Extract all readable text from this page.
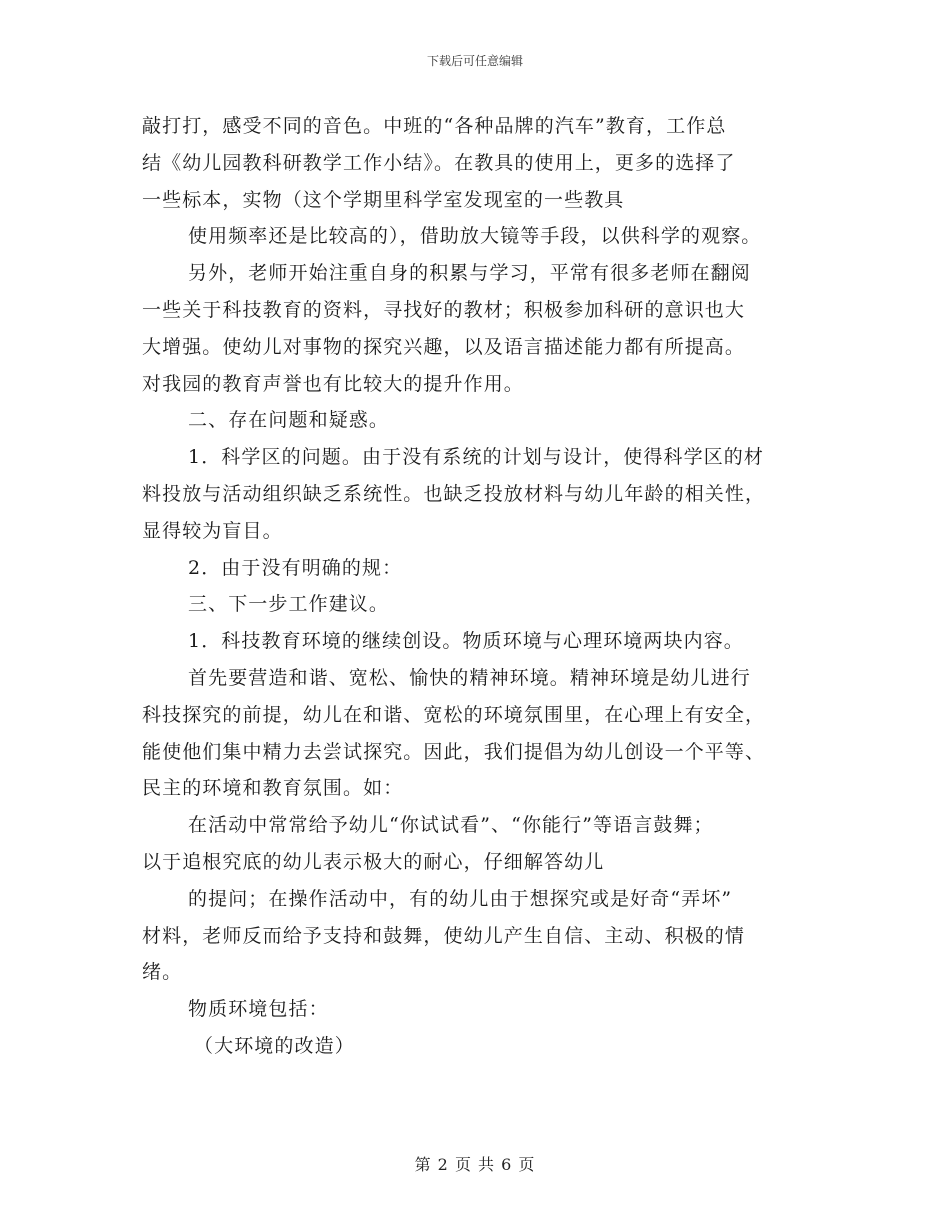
下载后可任意编辑
敲打打，感受不同的音色。中班的“各种品牌的汽车”教育，工作总
结《幼儿园教科研教学工作小结》。在教具的使用上，更多的选择了
一些标本，实物（这个学期里科学室发现室的一些教具
使用频率还是比较高的），借助放大镜等手段，以供科学的观察。
另外，老师开始注重自身的积累与学习，平常有很多老师在翻阅
一些关于科技教育的资料，寻找好的教材；积极参加科研的意识也大
大增强。使幼儿对事物的探究兴趣，以及语言描述能力都有所提高。
对我园的教育声誉也有比较大的提升作用。
二、存在问题和疑惑。
1．科学区的问题。由于没有系统的计划与设计，使得科学区的材
料投放与活动组织缺乏系统性。也缺乏投放材料与幼儿年龄的相关性，
显得较为盲目。
2．由于没有明确的规：
三、下一步工作建议。
1．科技教育环境的继续创设。物质环境与心理环境两块内容。
首先要营造和谐、宽松、愉快的精神环境。精神环境是幼儿进行
科技探究的前提，幼儿在和谐、宽松的环境氛围里，在心理上有安全，
能使他们集中精力去尝试探究。因此，我们提倡为幼儿创设一个平等、
民主的环境和教育氛围。如：
在活动中常常给予幼儿“你试试看”、“你能行”等语言鼓舞；
以于追根究底的幼儿表示极大的耐心，仔细解答幼儿
的提问；在操作活动中，有的幼儿由于想探究或是好奇“弄坏”
材料，老师反而给予支持和鼓舞，使幼儿产生自信、主动、积极的情
绪。
物质环境包括：
（大环境的改造）
第 2 页 共 6 页
